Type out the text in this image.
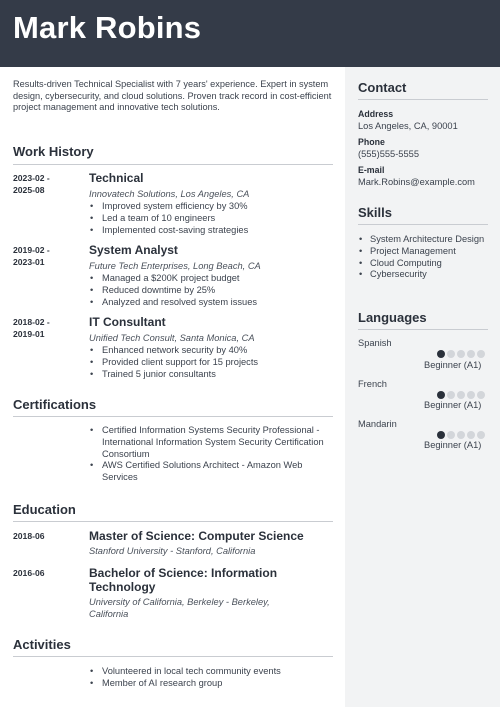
Mark Robins
Results-driven Technical Specialist with 7 years' experience. Expert in system design, cybersecurity, and cloud solutions. Proven track record in cost-efficient project management and innovative tech solutions.
Work History
2023-02 -
2025-08
Technical
Innovatech Solutions, Los Angeles, CA
• Improved system efficiency by 30%
• Led a team of 10 engineers
• Implemented cost-saving strategies
2019-02 -
2023-01
System Analyst
Future Tech Enterprises, Long Beach, CA
• Managed a $200K project budget
• Reduced downtime by 25%
• Analyzed and resolved system issues
2018-02 -
2019-01
IT Consultant
Unified Tech Consult, Santa Monica, CA
• Enhanced network security by 40%
• Provided client support for 15 projects
• Trained 5 junior consultants
Certifications
• Certified Information Systems Security Professional - International Information System Security Certification Consortium
• AWS Certified Solutions Architect - Amazon Web Services
Education
2018-06	Master of Science: Computer Science
Stanford University - Stanford, California
2016-06	Bachelor of Science: Information Technology
University of California, Berkeley - Berkeley, California
Activities
• Volunteered in local tech community events
• Member of AI research group
Contact
Address
Los Angeles, CA, 90001
Phone
(555)555-5555
E-mail
Mark.Robins@example.com
Skills
• System Architecture Design
• Project Management
• Cloud Computing
• Cybersecurity
Languages
Spanish
Beginner (A1)
French
Beginner (A1)
Mandarin
Beginner (A1)
